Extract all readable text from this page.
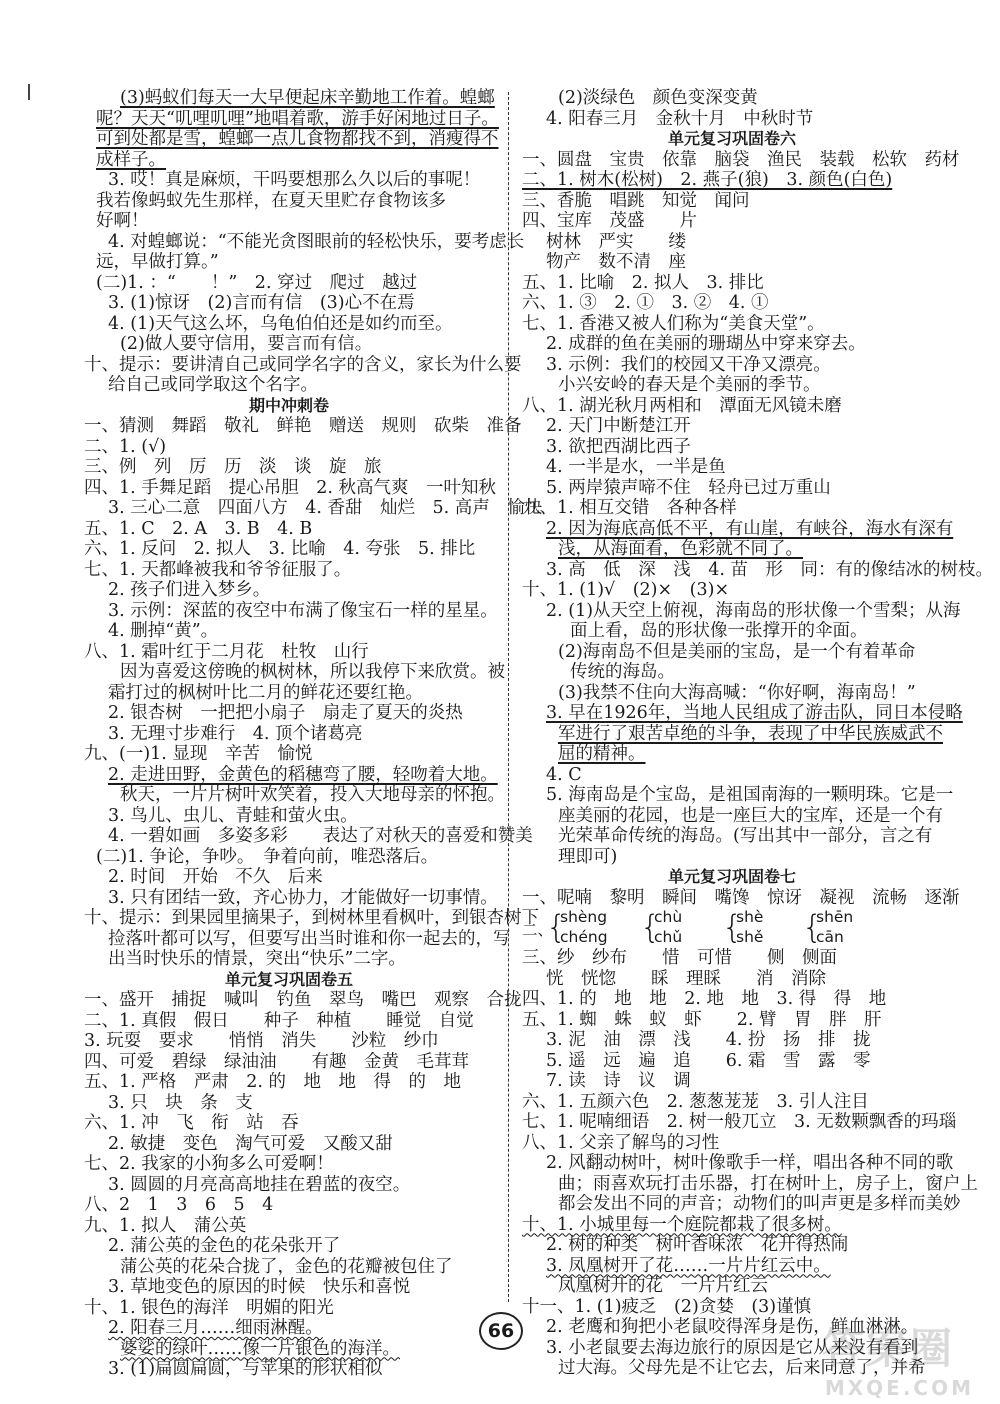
(3)蚂蚁们每天一大早便起床辛勤地工作着。蝗螂
呢？天天“叽哩叽哩”地唱着歌，游手好闲地过日子。
可到处都是雪，蝗螂一点儿食物都找不到，消瘦得不
成样子。
3. 哎！真是麻烦，干吗要想那么久以后的事呢！
我若像蚂蚁先生那样，在夏天里贮存食物该多
好啊！
4. 对蝗螂说：“不能光贪图眼前的轻松快乐，要考虑长
远，早做打算。”
(二)1. ：“　　！”　2. 穿过　爬过　越过
3. (1)惊讶　(2)言而有信　(3)心不在焉
4. (1)天气这么坏，乌龟伯伯还是如约而至。
(2)做人要守信用，要言而有信。
十、提示：要讲清自己或同学名字的含义，家长为什么要
给自己或同学取这个名字。
期中冲刺卷
一、猜测　舞蹈　敬礼　鲜艳　赠送　规则　砍柴　准备
二、1. (√)
三、例　列　厉　历　淡　谈　旋　旅
四、1. 手舞足蹈　提心吊胆　2. 秋高气爽　一叶知秋
3. 三心二意　四面八方　4. 香甜　灿烂　5. 高声　愉快
五、1. C　2. A　3. B　4. B
六、1. 反问　2. 拟人　3. 比喻　4. 夸张　5. 排比
七、1. 天都峰被我和爷爷征服了。
2. 孩子们进入梦乡。
3. 示例：深蓝的夜空中布满了像宝石一样的星星。
4. 删掉“黄”。
八、1. 霜叶红于二月花　杜牧　山行
因为喜爱这傍晚的枫树林，所以我停下来欣赏。被
霜打过的枫树叶比二月的鲜花还要红艳。
2. 银杏树　一把把小扇子　扇走了夏天的炎热
3. 无理寸步难行　4. 顶个诸葛亮
九、(一)1. 显现　辛苦　愉悦
2. 走进田野，金黄色的稻穗弯了腰，轻吻着大地。
秋天，一片片树叶欢笑着，投入大地母亲的怀抱。
3. 鸟儿、虫儿、青蛙和萤火虫。
4. 一碧如画　多姿多彩　　表达了对秋天的喜爱和赞美
(二)1. 争论，争吵。　争着向前，唯恐落后。
2. 时间　开始　不久　后来
3. 只有团结一致，齐心协力，才能做好一切事情。
十、提示：到果园里摘果子，到树林里看枫叶，到银杏树下
捡落叶都可以写，但要写出当时谁和你一起去的，写
出当时快乐的情景，突出“快乐”二字。
单元复习巩固卷五
一、盛开　捕捉　喊叫　钓鱼　翠鸟　嘴巴　观察　合拢
二、1. 真假　假日　　种子　种植　　睡觉　自觉
3. 玩耍　要求　　悄悄　消失　　沙粒　纱巾
四、可爱　碧绿　绿油油　　有趣　金黄　毛茸茸
五、1. 严格　严肃　2. 的　地　地　得　的　地
3. 只　块　条　支
六、1. 冲　飞　衔　站　吞
2. 敏捷　变色　淘气可爱　又酸又甜
七、2. 我家的小狗多么可爱啊！
3. 圆圆的月亮高高地挂在碧蓝的夜空。
八、2　1　3　6　5　4
九、1. 拟人　蒲公英
2. 蒲公英的金色的花朵张开了
蒲公英的花朵合拢了，金色的花瓣被包住了
3. 草地变色的原因的时候　快乐和喜悦
十、1. 银色的海洋　明媚的阳光
2. 阳春三月……细雨淋醒。
婆娑的绿叶……像一片银色的海洋。
3. (1)扁圆扁圆，与苹果的形状相似
(2)淡绿色　颜色变深变黄
4. 阳春三月　金秋十月　中秋时节
单元复习巩固卷六
一、圆盘　宝贵　依靠　脑袋　渔民　装载　松软　药材
二、1. 树木(松树)　2. 燕子(狼)　3. 颜色(白色)
三、香脆　唱跳　知觉　闻问
四、宝库　茂盛　　片
树林　严实　　缕
物产　数不清　座
五、1. 比喻　2. 拟人　3. 排比
六、1. ③　2. ①　3. ②　4. ①
七、1. 香港又被人们称为“美食天堂”。
2. 成群的鱼在美丽的珊瑚丛中穿来穿去。
3. 示例：我们的校园又干净又漂亮。
小兴安岭的春天是个美丽的季节。
八、1. 湖光秋月两相和　潭面无风镜未磨
2. 天门中断楚江开
3. 欲把西湖比西子
4. 一半是水，一半是鱼
5. 两岸猿声啼不住　轻舟已过万重山
九、1. 相互交错　各种各样
2. 因为海底高低不平，有山崖，有峡谷，海水有深有
浅，从海面看，色彩就不同了。
3. 高　低　深　浅　4. 苗　形　同：有的像结冰的树枝。
十、1. (1)√　(2)×　(3)×
2. (1)从天空上俯视，海南岛的形状像一个雪梨；从海
面上看，岛的形状像一张撑开的伞面。
(2)海南岛不但是美丽的宝岛，是一个有着革命
传统的海岛。
(3)我禁不住向大海高喊：“你好啊，海南岛！”
3. 早在1926年，当地人民组成了游击队，同日本侵略
军进行了艰苦卓绝的斗争，表现了中华民族威武不
屈的精神。
4. C
5. 海南岛是个宝岛，是祖国南海的一颗明珠。它是一
座美丽的花园，也是一座巨大的宝库，还是一个有
光荣革命传统的海岛。(写出其中一部分，言之有
理即可)
单元复习巩固卷七
一、呢喃　黎明　瞬间　嘴馋　惊讶　凝视　流畅　逐渐
二、
{
shèng
chéng {
chù
chǔ {
shè
shě {
shēn
cān
三、纱　纱布　　惜　可惜　　侧　侧面
恍　恍惚　　睬　理睬　　消　消除
四、1. 的　地　地　2. 地　地　3. 得　得　地
五、1. 蜘　蛛　蚁　虾　　2. 臂　胃　胖　肝
3. 泥　油　漂　浅　　4. 扮　扬　排　拢
5. 遥　远　遍　追　　6. 霜　雪　露　零
7. 读　诗　议　调
六、1. 五颜六色　2. 葱葱茏茏　3. 引人注目
七、1. 呢喃细语　2. 树一般兀立　3. 无数颗飘香的玛瑙
八、1. 父亲了解鸟的习性
2. 风翻动树叶，树叶像歌手一样，唱出各种不同的歌
曲；雨喜欢玩打击乐器，打在树叶上，房子上，窗户上
都会发出不同的声音；动物们的叫声更是多样而美妙
十、1. 小城里每一个庭院都栽了很多树。
2. 树的种类　树叶香味浓　花开得热闹
3. 凤凰树开了花……一片片红云中。
凤凰树开的花　一片片红云
十一、1. (1)疲乏　(2)贪婪　(3)谨慎
2. 老鹰和狗把小老鼠咬得浑身是伤，鲜血淋淋。
3. 小老鼠要去海边旅行的原因是它从来没有看到
过大海。父母先是不让它去，后来同意了，并希
66	答案圈
MXQE.COM
